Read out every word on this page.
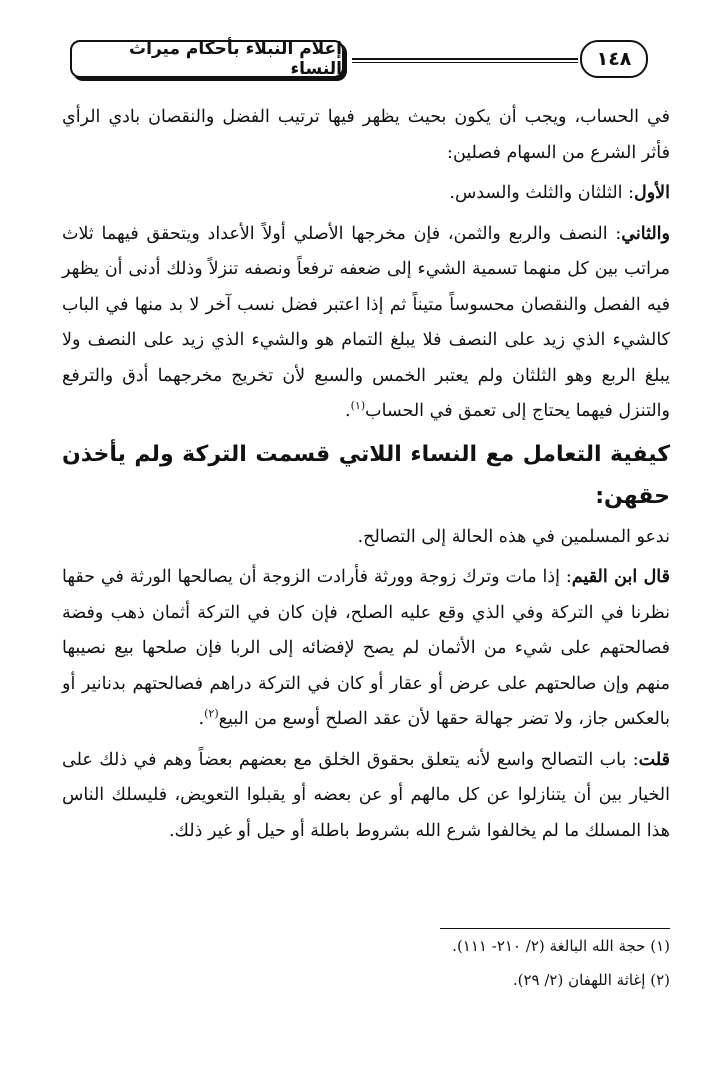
إعلام النبلاء بأحكام ميراث النساء	١٤٨

في الحساب، ويجب أن يكون بحيث يظهر فيها ترتيب الفضل والنقصان بادي الرأي فأثر الشرع من السهام فصلين:

الأول: الثلثان والثلث والسدس.

والثاني: النصف والربع والثمن، فإن مخرجها الأصلي أولاً الأعداد ويتحقق فيهما ثلاث مراتب بين كل منهما تسمية الشيء إلى ضعفه ترفعاً ونصفه تنزلاً وذلك أدنى أن يظهر فيه الفصل والنقصان محسوساً متيناً ثم إذا اعتبر فضل نسب آخر لا بد منها في الباب كالشيء الذي زيد على النصف فلا يبلغ التمام هو والشيء الذي زيد على النصف ولا يبلغ الربع وهو الثلثان ولم يعتبر الخمس والسبع لأن تخريج مخرجهما أدق والترفع والتنزل فيهما يحتاج إلى تعمق في الحساب$^{(١)}$.

كيفية التعامل مع النساء اللاتي قسمت التركة ولم يأخذن حقهن:

ندعو المسلمين في هذه الحالة إلى التصالح.

قال ابن القيم: إذا مات وترك زوجة وورثة فأرادت الزوجة أن يصالحها الورثة في حقها نظرنا في التركة وفي الذي وقع عليه الصلح، فإن كان في التركة أثمان ذهب وفضة فصالحتهم على شيء من الأثمان لم يصح لإفضائه إلى الربا فإن صلحها بيع نصيبها منهم وإن صالحتهم على عرض أو عقار أو كان في التركة دراهم فصالحتهم بدنانير أو بالعكس جاز، ولا تضر جهالة حقها لأن عقد الصلح أوسع من البيع$^{(٢)}$.

قلت: باب التصالح واسع لأنه يتعلق بحقوق الخلق مع بعضهم بعضاً وهم في ذلك على الخيار بين أن يتنازلوا عن كل مالهم أو عن بعضه أو يقبلوا التعويض، فليسلك الناس هذا المسلك ما لم يخالفوا شرع الله بشروط باطلة أو حيل أو غير ذلك.

(١) حجة الله البالغة (٢/ ٢١٠- ١١١).
(٢) إغاثة اللهفان (٢/ ٢٩).
